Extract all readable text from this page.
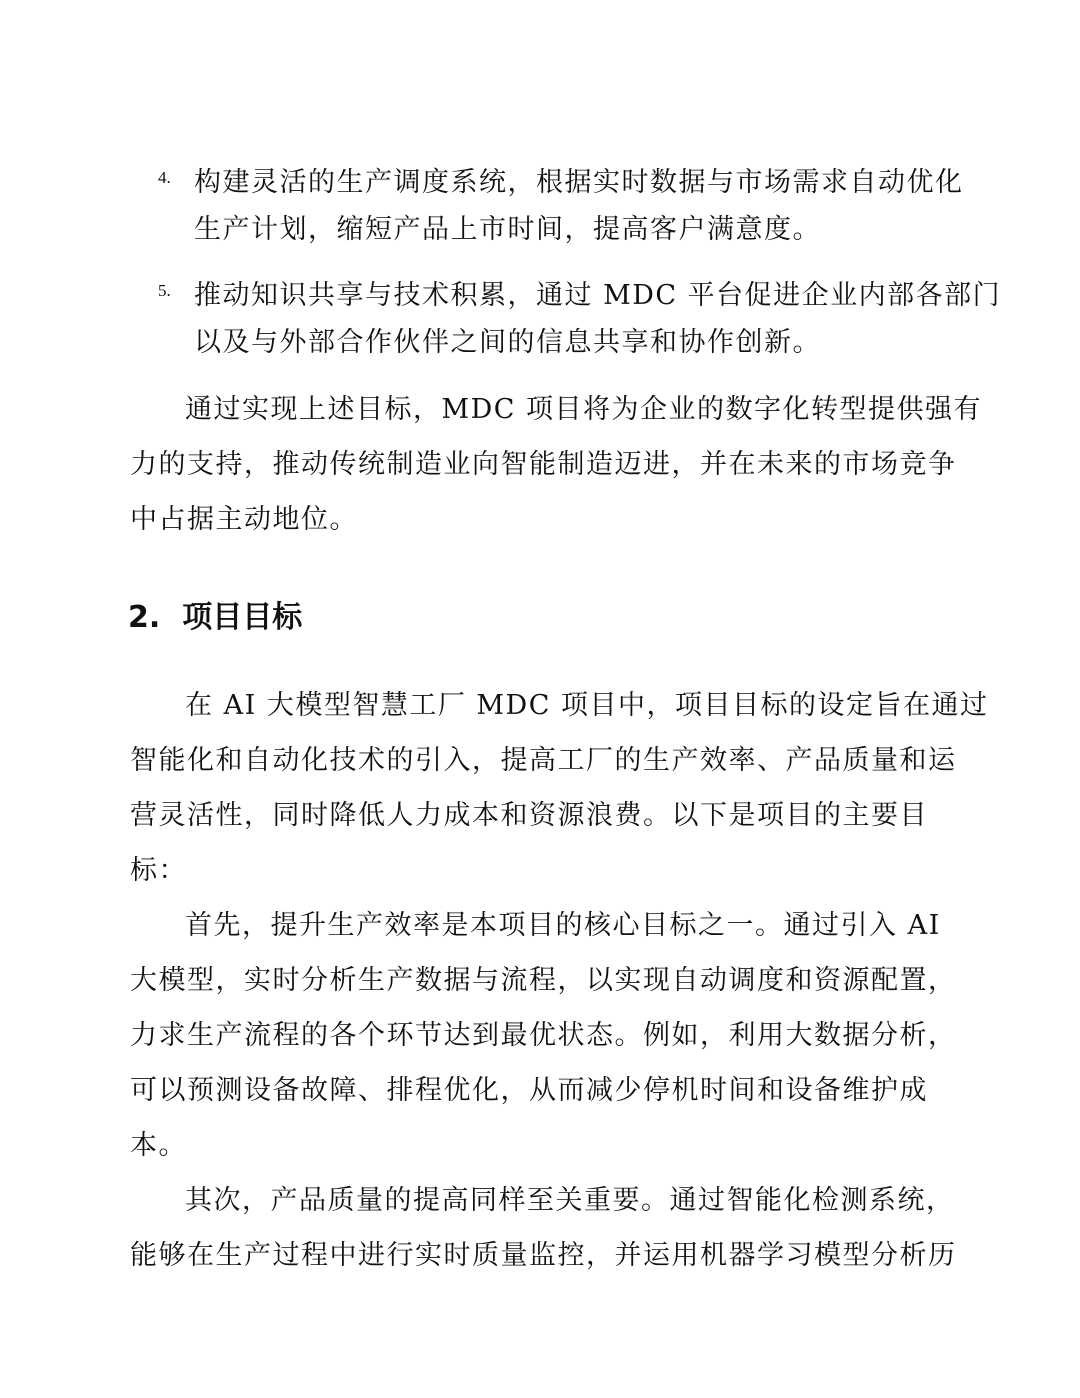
4. 构建灵活的生产调度系统，根据实时数据与市场需求自动优化
生产计划，缩短产品上市时间，提高客户满意度。
5. 推动知识共享与技术积累，通过 MDC 平台促进企业内部各部门
以及与外部合作伙伴之间的信息共享和协作创新。
通过实现上述目标，MDC 项目将为企业的数字化转型提供强有
力的支持，推动传统制造业向智能制造迈进，并在未来的市场竞争
中占据主动地位。
2. 项目目标
在 AI 大模型智慧工厂 MDC 项目中，项目目标的设定旨在通过
智能化和自动化技术的引入，提高工厂的生产效率、产品质量和运
营灵活性，同时降低人力成本和资源浪费。以下是项目的主要目
标：
首先，提升生产效率是本项目的核心目标之一。通过引入 AI
大模型，实时分析生产数据与流程，以实现自动调度和资源配置，
力求生产流程的各个环节达到最优状态。例如，利用大数据分析，
可以预测设备故障、排程优化，从而减少停机时间和设备维护成
本。
其次，产品质量的提高同样至关重要。通过智能化检测系统，
能够在生产过程中进行实时质量监控，并运用机器学习模型分析历
